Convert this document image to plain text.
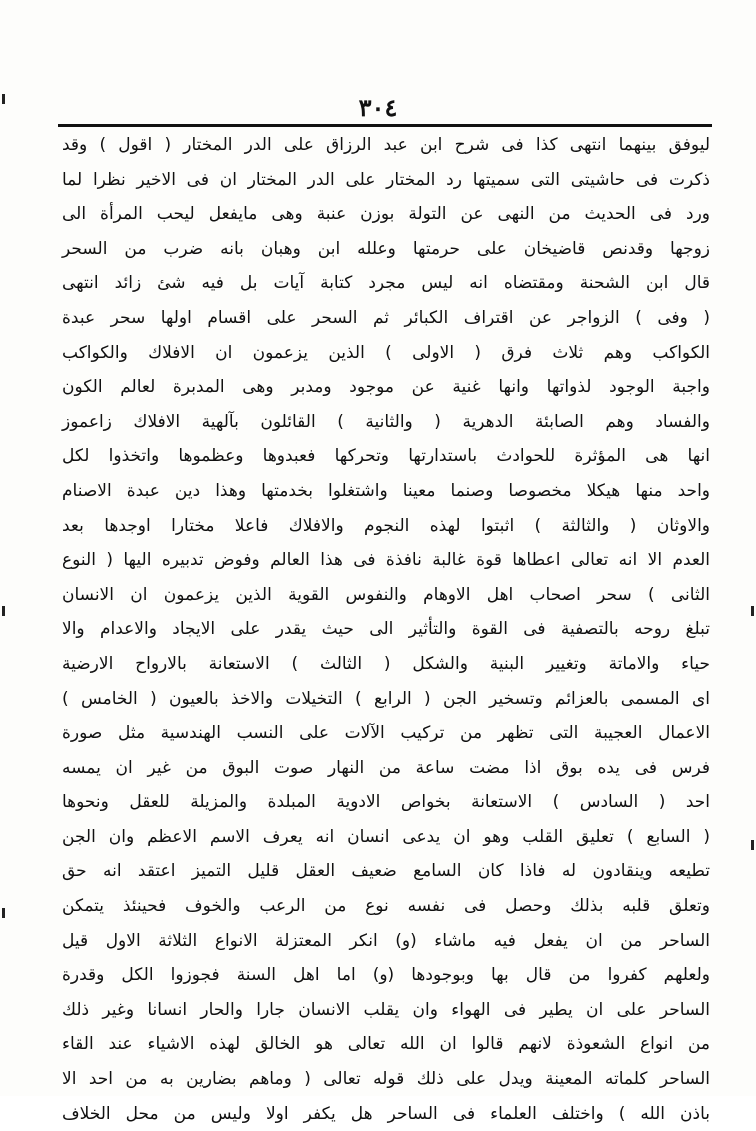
٣٠٤
ليوفق بينهما انتهى كذا فى شرح ابن عبد الرزاق على الدر المختار ( اقول ) وقد
ذكرت فى حاشيتى التى سميتها رد المختار على الدر المختار ان فى الاخير نظرا لما
ورد فى الحديث من النهى عن التولة بوزن عنبة وهى مايفعل ليحب المرأة الى
زوجها وقدنص قاضيخان على حرمتها وعلله ابن وهبان بانه ضرب من السحر
قال ابن الشحنة ومقتضاه انه ليس مجرد كتابة آيات بل فيه شئ زائد انتهى
( وفى ) الزواجر عن اقتراف الكبائر ثم السحر على اقسام اولها سحر عبدة
الكواكب وهم ثلاث فرق ( الاولى ) الذين يزعمون ان الافلاك والكواكب
واجبة الوجود لذواتها وانها غنية عن موجود ومدبر وهى المدبرة لعالم الكون
والفساد وهم الصابئة الدهرية ( والثانية ) القائلون بآلهية الافلاك زاعموز
انها هى المؤثرة للحوادث باستدارتها وتحركها فعبدوها وعظموها واتخذوا لكل
واحد منها هيكلا مخصوصا وصنما معينا واشتغلوا بخدمتها وهذا دين عبدة الاصنام
والاوثان ( والثالثة ) اثبتوا لهذه النجوم والافلاك فاعلا مختارا اوجدها بعد
العدم الا انه تعالى اعطاها قوة غالبة نافذة فى هذا العالم وفوض تدبيره اليها ( النوع
الثانى ) سحر اصحاب اهل الاوهام والنفوس القوية الذين يزعمون ان الانسان
تبلغ روحه بالتصفية فى القوة والتأثير الى حيث يقدر على الايجاد والاعدام والا
حياء والاماتة وتغيير البنية والشكل ( الثالث ) الاستعانة بالارواح الارضية
اى المسمى بالعزائم وتسخير الجن ( الرابع ) التخيلات والاخذ بالعيون ( الخامس )
الاعمال العجيبة التى تظهر من تركيب الآلات على النسب الهندسية مثل صورة
فرس فى يده بوق اذا مضت ساعة من النهار صوت البوق من غير ان يمسه
احد ( السادس ) الاستعانة بخواص الادوية المبلدة والمزيلة للعقل ونحوها
( السابع ) تعليق القلب وهو ان يدعى انسان انه يعرف الاسم الاعظم وان الجن
تطيعه وينقادون له فاذا كان السامع ضعيف العقل قليل التميز اعتقد انه حق
وتعلق قلبه بذلك وحصل فى نفسه نوع من الرعب والخوف فحينئذ يتمكن
الساحر من ان يفعل فيه ماشاء (و) انكر المعتزلة الانواع الثلاثة الاول قيل
ولعلهم كفروا من قال بها وبوجودها (و) اما اهل السنة فجوزوا الكل وقدرة
الساحر على ان يطير فى الهواء وان يقلب الانسان جارا والحار انسانا وغير ذلك
من انواع الشعوذة لانهم قالوا ان الله تعالى هو الخالق لهذه الاشياء عند القاء
الساحر كلماته المعينة ويدل على ذلك قوله تعالى ( وماهم بضارين به من احد الا
باذن الله ) واختلف العلماء فى الساحر هل يكفر اولا وليس من محل الخلاف
